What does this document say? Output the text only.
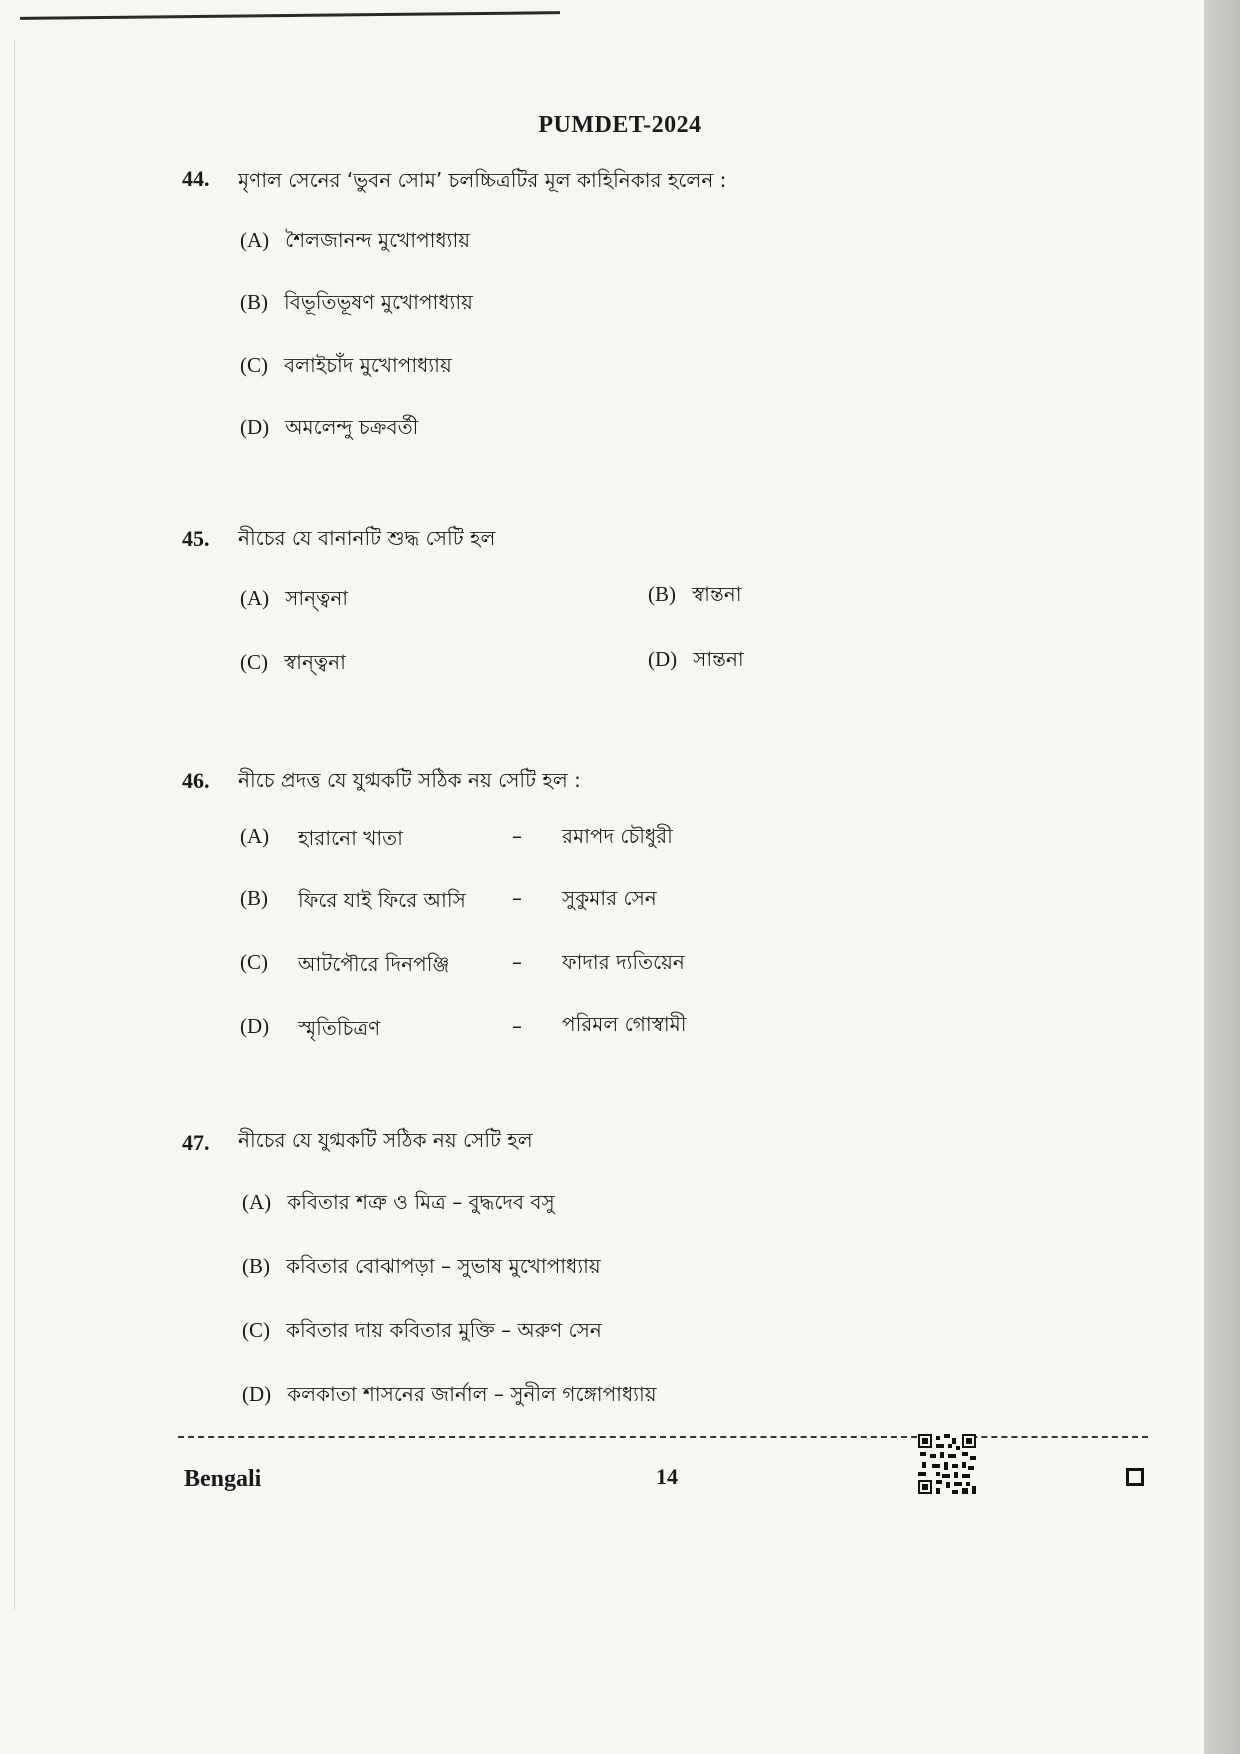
PUMDET-2024
44. মৃণাল সেনের ‘ভুবন সোম’ চলচ্চিত্রটির মূল কাহিনিকার হলেন :
(A) শৈলজানন্দ মুখোপাধ্যায়
(B) বিভূতিভূষণ মুখোপাধ্যায়
(C) বলাইচাঁদ মুখোপাধ্যায়
(D) অমলেন্দু চক্রবর্তী
45. নীচের যে বানানটি শুদ্ধ সেটি হল
(A) সান্ত্বনা	(B) স্বান্তনা
(C) স্বান্ত্বনা	(D) সান্তনা
46. নীচে প্রদত্ত যে যুগ্মকটি সঠিক নয় সেটি হল :
(A)	হারানো খাতা	– রমাপদ চৌধুরী
(B)	ফিরে যাই ফিরে আসি – সুকুমার সেন
(C)	আটপৌরে দিনপঞ্জি	– ফাদার দ্যতিয়েন
(D)	স্মৃতিচিত্রণ	– পরিমল গোস্বামী
47. নীচের যে যুগ্মকটি সঠিক নয় সেটি হল
(A) কবিতার শত্রু ও মিত্র – বুদ্ধদেব বসু
(B) কবিতার বোঝাপড়া – সুভাষ মুখোপাধ্যায়
(C) কবিতার দায় কবিতার মুক্তি – অরুণ সেন
(D) কলকাতা শাসনের জার্নাল – সুনীল গঙ্গোপাধ্যায়
Bengali	14
